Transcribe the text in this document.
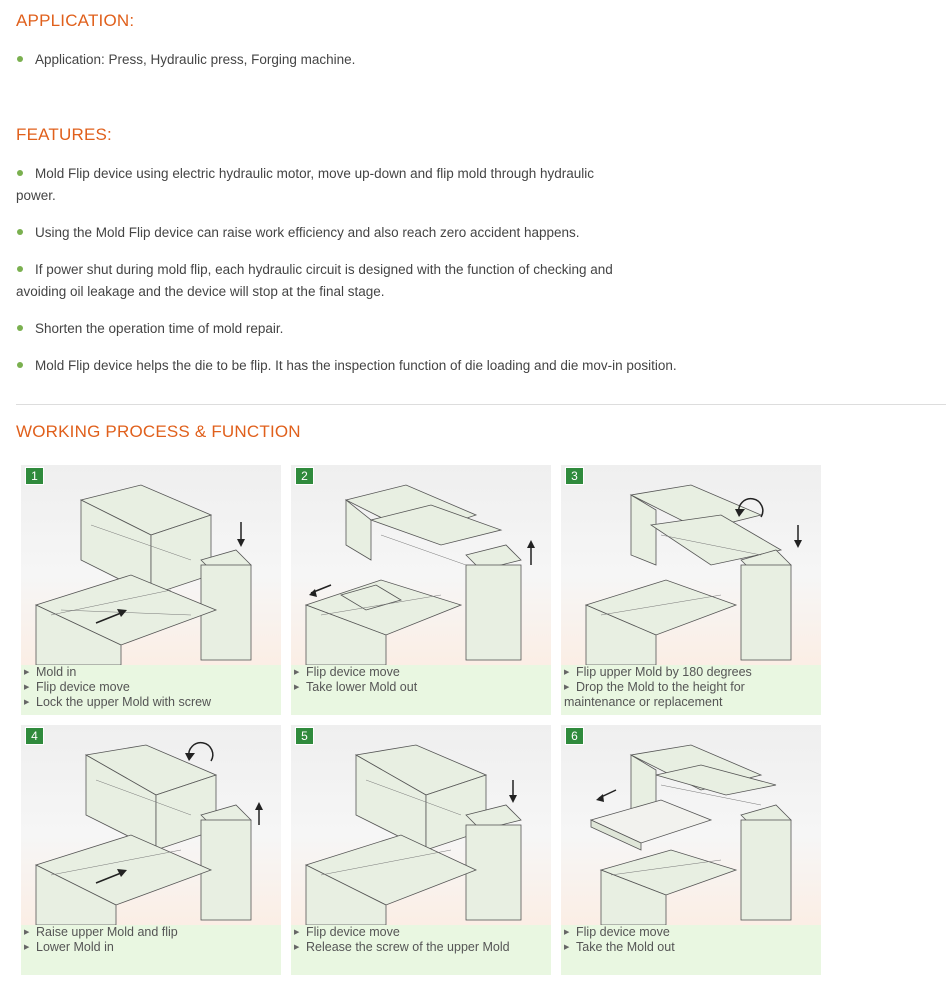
APPLICATION:
Application: Press, Hydraulic press, Forging machine.
FEATURES:
Mold Flip device using electric hydraulic motor, move up-down and flip mold through hydraulic power.
Using the Mold Flip device can raise work efficiency and also reach zero accident happens.
If power shut during mold flip, each hydraulic circuit is designed with the function of checking and avoiding oil leakage and the device will stop at the final stage.
Shorten the operation time of mold repair.
Mold Flip device helps the die to be flip. It has the inspection function of die loading and die mov-in position.
WORKING PROCESS & FUNCTION
1
▶ Mold in
▶ Flip device move
▶ Lock the upper Mold with screw
2
▶ Flip device move
▶ Take lower Mold out
3
▶ Flip upper Mold by 180 degrees
▶ Drop the Mold to the height for
maintenance or replacement
4
▶ Raise upper Mold and flip
▶ Lower Mold in
5
▶ Flip device move
▶ Release the screw of the upper Mold
6
▶ Flip device move
▶ Take the Mold out
